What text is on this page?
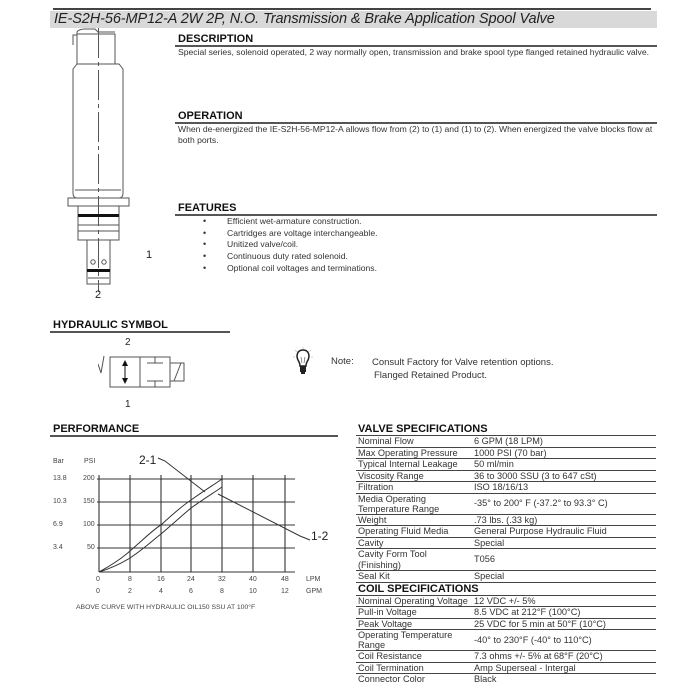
IE-S2H-56-MP12-A 2W 2P, N.O. Transmission & Brake Application Spool Valve
1
2
DESCRIPTION
Special series, solenoid operated, 2 way normally open, transmission and brake spool type flanged retained hydraulic valve.
OPERATION
When de-energized the IE-S2H-56-MP12-A allows flow from (2) to (1) and (1) to (2). When energized the valve blocks flow at both ports.
FEATURES
• Efficient wet-armature construction.
• Cartridges are voltage interchangeable.
• Unitized valve/coil.
• Continuous duty rated solenoid.
• Optional coil voltages and terminations.
HYDRAULIC SYMBOL
2
1
Note: Consult Factory for Valve retention options.
Flanged Retained Product.
PERFORMANCE
Bar	PSI
13.8
10.3
6.9
3.4
200
150
100
50
2-1
1-2
0	8	16	24	32	40	48 LPM
0	2	4	6	8	10	12 GPM
ABOVE CURVE WITH HYDRAULIC OIL150 SSU AT 100°F
VALVE SPECIFICATIONS	
Nominal Flow	6 GPM (18 LPM)
Max Operating Pressure	1000 PSI (70 bar)
Typical Internal Leakage	50 ml/min
Viscosity Range	36 to 3000 SSU (3 to 647 cSt)
Filtration	ISO 18/16/13
Media Operating Temperature Range	-35° to 200° F (-37.2° to 93.3° C)
Weight	.73 lbs. (.33 kg)
Operating Fluid Media	General Purpose Hydraulic Fluid
Cavity	Special
Cavity Form Tool (Finishing)	T056
Seal Kit	Special
COIL SPECIFICATIONS	
Nominal Operating Voltage	12 VDC +/- 5%
Pull-in Voltage	8.5 VDC at 212°F (100°C)
Peak Voltage	25 VDC for 5 min at 50°F (10°C)
Operating Temperature Range	-40° to 230°F (-40° to 110°C)
Coil Resistance	7.3 ohms +/- 5% at 68°F (20°C)
Coil Termination	Amp Superseal - Intergal
Connector Color	Black
